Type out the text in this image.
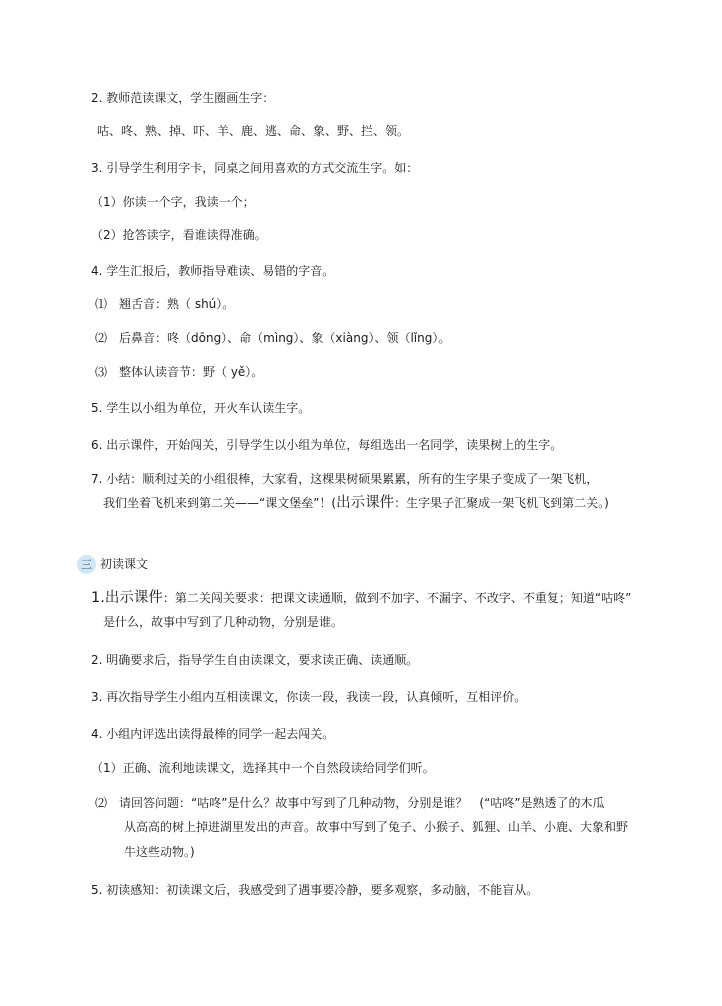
2. 教师范读课文，学生圈画生字：
咕、咚、熟、掉、吓、羊、鹿、逃、命、象、野、拦、领。
3. 引导学生利用字卡，同桌之间用喜欢的方式交流生字。如：
（1）你读一个字，我读一个；
（2）抢答读字，看谁读得准确。
4. 学生汇报后，教师指导难读、易错的字音。
⑴　翘舌音：熟（ shú）。
⑵　后鼻音：咚（dōng）、命（mìng）、象（xiàng）、领（lǐng）。
⑶　整体认读音节：野（ yě）。
5. 学生以小组为单位，开火车认读生字。
6. 出示课件，开始闯关，引导学生以小组为单位，每组选出一名同学，读果树上的生字。
7. 小结：顺利过关的小组很棒，大家看，这棵果树硕果累累，所有的生字果子变成了一架飞机，
我们坐着飞机来到第二关——“课文堡垒”！(出示课件：生字果子汇聚成一架飞机飞到第二关。)
三 初读课文
1.出示课件：第二关闯关要求：把课文读通顺，做到不加字、不漏字、不改字、不重复；知道“咕咚”
是什么，故事中写到了几种动物，分别是谁。
2. 明确要求后，指导学生自由读课文，要求读正确、读通顺。
3. 再次指导学生小组内互相读课文，你读一段，我读一段，认真倾听，互相评价。
4. 小组内评选出读得最棒的同学一起去闯关。
（1）正确、流利地读课文，选择其中一个自然段读给同学们听。
⑵　请回答问题：“咕咚”是什么？故事中写到了几种动物，分别是谁？　(“咕咚”是熟透了的木瓜
从高高的树上掉进湖里发出的声音。故事中写到了兔子、小猴子、狐狸、山羊、小鹿、大象和野
牛这些动物。)
5. 初读感知：初读课文后，我感受到了遇事要冷静，要多观察，多动脑，不能盲从。
